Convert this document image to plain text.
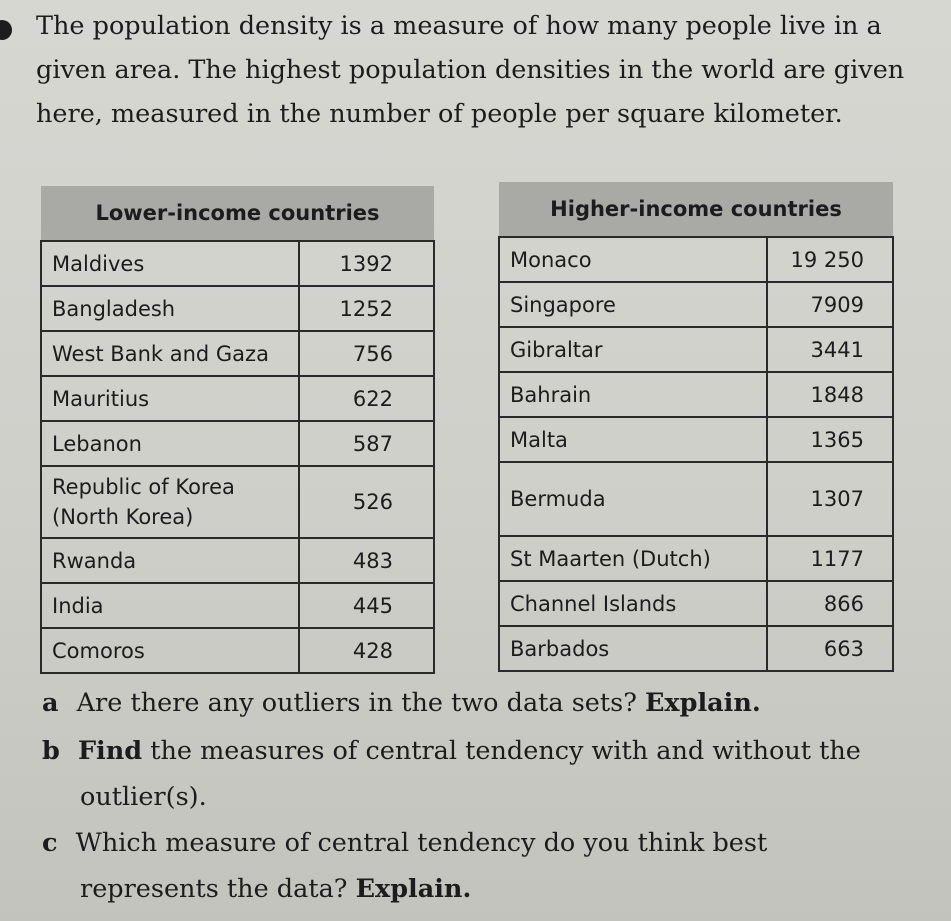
The population density is a measure of how many people live in a given area. The highest population densities in the world are given here, measured in the number of people per square kilometer.

Lower-income countries	
Maldives	1392
Bangladesh	1252
West Bank and Gaza	756
Mauritius	622
Lebanon	587
Republic of Korea
(North Korea)	526
Rwanda	483
India	445
Comoros	428
Higher-income countries	
Monaco	19 250
Singapore	7909
Gibraltar	3441
Bahrain	1848
Malta	1365
Bermuda	1307
St Maarten (Dutch)	1177
Channel Islands	866
Barbados	663

a Are there any outliers in the two data sets? Explain.

b Find the measures of central tendency with and without the
outlier(s).

c Which measure of central tendency do you think best
represents the data? Explain.
